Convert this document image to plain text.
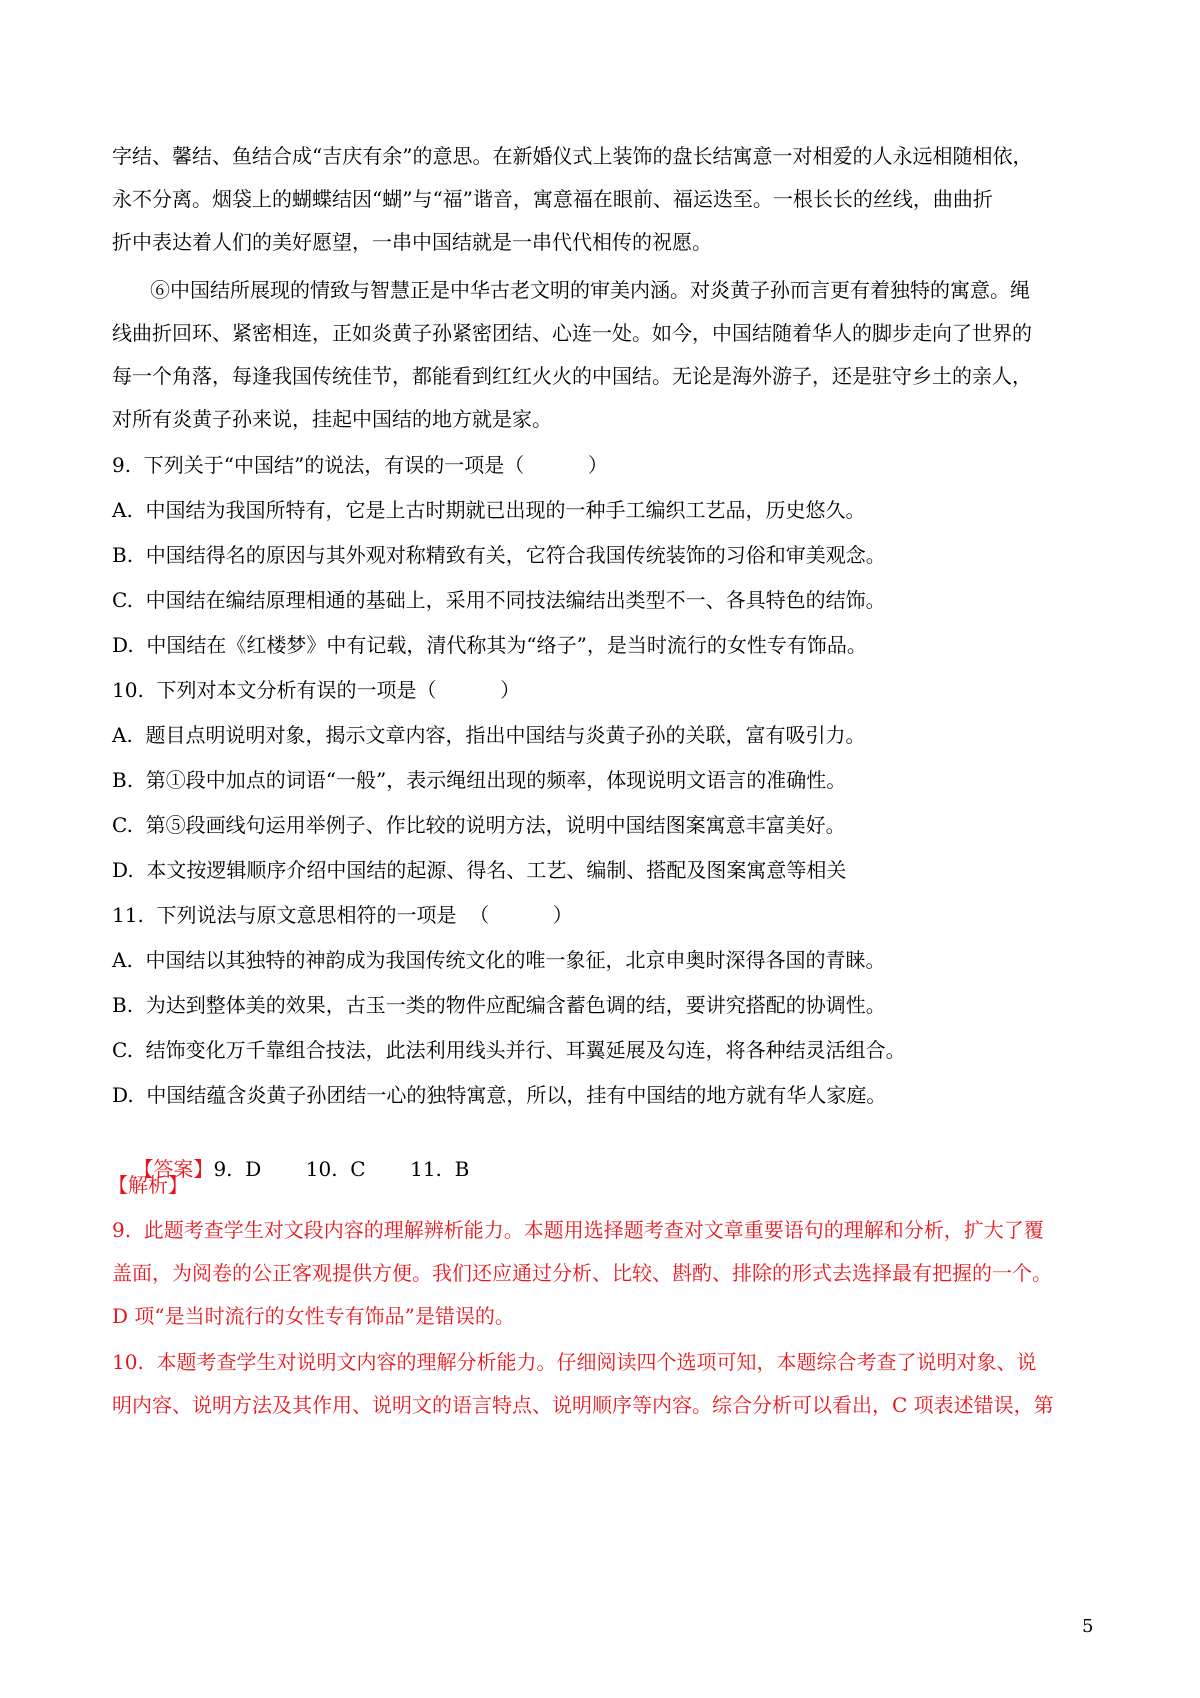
字结、馨结、鱼结合成“吉庆有余”的意思。在新婚仪式上装饰的盘长结寓意一对相爱的人永远相随相依，
永不分离。烟袋上的蝴蝶结因“蝴”与“福”谐音，寓意福在眼前、福运迭至。一根长长的丝线，曲曲折
折中表达着人们的美好愿望，一串中国结就是一串代代相传的祝愿。
⑥中国结所展现的情致与智慧正是中华古老文明的审美内涵。对炎黄子孙而言更有着独特的寓意。绳
线曲折回环、紧密相连，正如炎黄子孙紧密团结、心连一处。如今，中国结随着华人的脚步走向了世界的
每一个角落，每逢我国传统佳节，都能看到红红火火的中国结。无论是海外游子，还是驻守乡土的亲人，
对所有炎黄子孙来说，挂起中国结的地方就是家。
9.  下列关于“中国结”的说法，有误的一项是（          ）
A.  中国结为我国所特有，它是上古时期就已出现的一种手工编织工艺品，历史悠久。
B.  中国结得名的原因与其外观对称精致有关，它符合我国传统装饰的习俗和审美观念。
C.  中国结在编结原理相通的基础上，采用不同技法编结出类型不一、各具特色的结饰。
D.  中国结在《红楼梦》中有记载，清代称其为“络子”，是当时流行的女性专有饰品。
10.  下列对本文分析有误的一项是（          ）
A.  题目点明说明对象，揭示文章内容，指出中国结与炎黄子孙的关联，富有吸引力。
B.  第①段中加点的词语“一般”，表示绳纽出现的频率，体现说明文语言的准确性。
C.  第⑤段画线句运用举例子、作比较的说明方法，说明中国结图案寓意丰富美好。
D.  本文按逻辑顺序介绍中国结的起源、得名、工艺、编制、搭配及图案寓意等相关
11.  下列说法与原文意思相符的一项是  （          ）
A.  中国结以其独特的神韵成为我国传统文化的唯一象征，北京申奥时深得各国的青睐。
B.  为达到整体美的效果，古玉一类的物件应配编含蓄色调的结，要讲究搭配的协调性。
C.  结饰变化万千靠组合技法，此法利用线头并行、耳翼延展及勾连，将各种结灵活组合。
D.  中国结蕴含炎黄子孙团结一心的独特寓意，所以，挂有中国结的地方就有华人家庭。

【答案】9.  D       10.  C       11.  B

【解析】
9.  此题考查学生对文段内容的理解辨析能力。本题用选择题考查对文章重要语句的理解和分析，扩大了覆
盖面，为阅卷的公正客观提供方便。我们还应通过分析、比较、斟酌、排除的形式去选择最有把握的一个。
D 项“是当时流行的女性专有饰品”是错误的。
10.  本题考查学生对说明文内容的理解分析能力。仔细阅读四个选项可知，本题综合考查了说明对象、说
明内容、说明方法及其作用、说明文的语言特点、说明顺序等内容。综合分析可以看出，C 项表述错误，第
5
